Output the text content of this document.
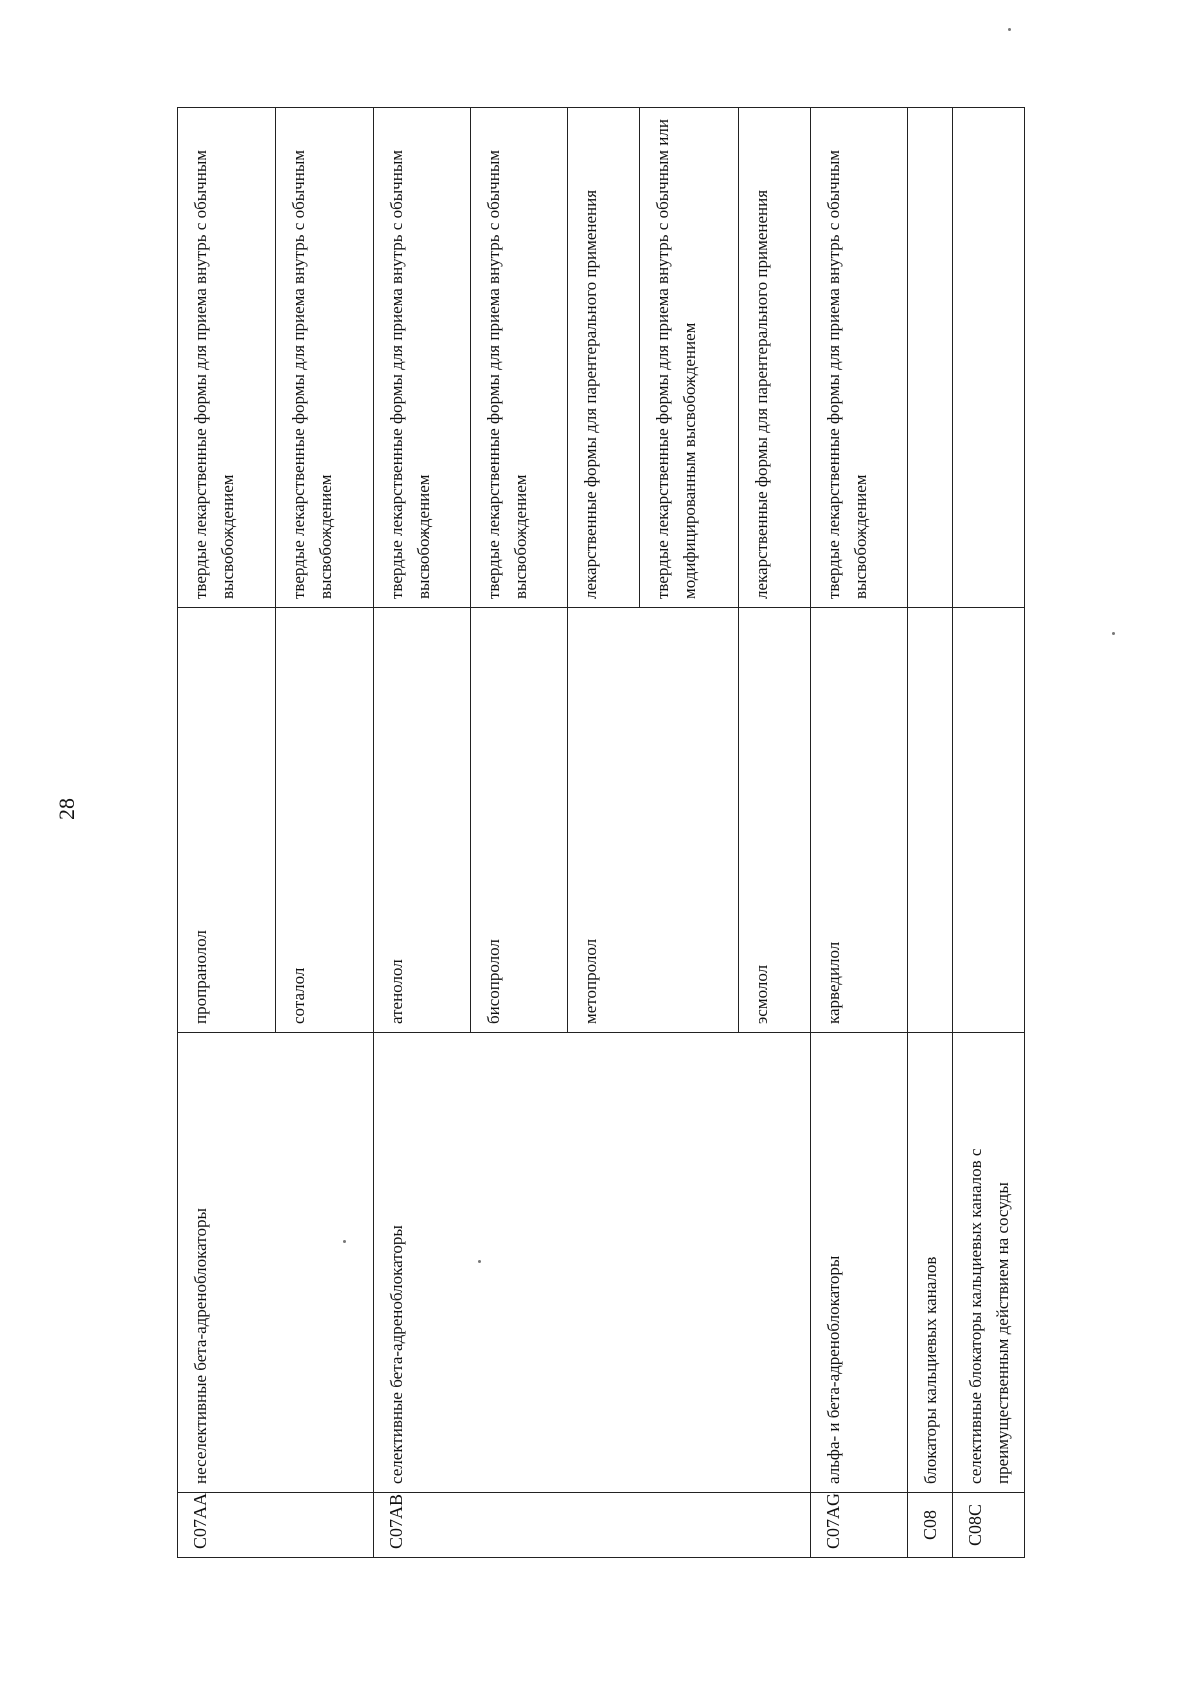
28
C07AA	неселективные бета-адреноблокаторы	пропранолол	твердые лекарственные формы для приема внутрь с обычным высвобождением
		соталол	твердые лекарственные формы для приема внутрь с обычным высвобождением
C07AB	селективные бета-адреноблокаторы	атенолол	твердые лекарственные формы для приема внутрь с обычным высвобождением
		бисопролол	твердые лекарственные формы для приема внутрь с обычным высвобождением
		метопролол	лекарственные формы для парентерального применения
			твердые лекарственные формы для приема внутрь с обычным или модифицированным высвобождением
		эсмолол	лекарственные формы для парентерального применения
C07AG	альфа- и бета-адреноблокаторы	карведилол	твердые лекарственные формы для приема внутрь с обычным высвобождением
C08	блокаторы кальциевых каналов		
C08C	селективные блокаторы кальциевых каналов с преимущественным действием на сосуды		
